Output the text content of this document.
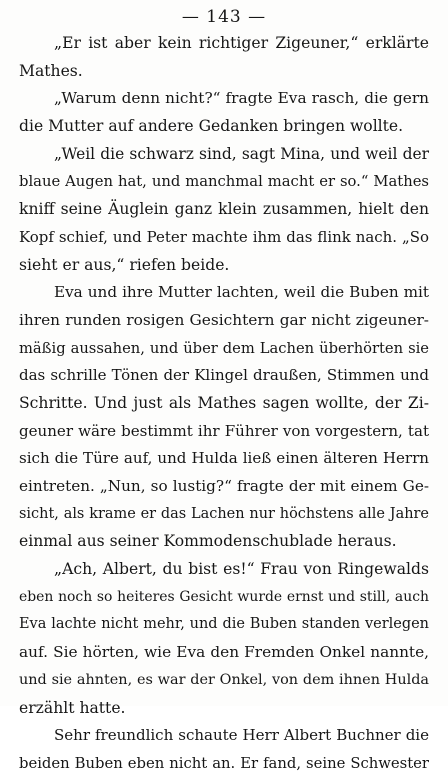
— 143 —
„Er ist aber kein richtiger Zigeuner,“ erklärte
Mathes.
„Warum denn nicht?“ fragte Eva rasch, die gern
die Mutter auf andere Gedanken bringen wollte.
„Weil die schwarz sind, sagt Mina, und weil der
blaue Augen hat, und manchmal macht er so.“ Mathes
kniff seine Äuglein ganz klein zusammen, hielt den
Kopf schief, und Peter machte ihm das flink nach. „So
sieht er aus,“ riefen beide.
Eva und ihre Mutter lachten, weil die Buben mit
ihren runden rosigen Gesichtern gar nicht zigeuner-
mäßig aussahen, und über dem Lachen überhörten sie
das schrille Tönen der Klingel draußen, Stimmen und
Schritte. Und just als Mathes sagen wollte, der Zi-
geuner wäre bestimmt ihr Führer von vorgestern, tat
sich die Türe auf, und Hulda ließ einen älteren Herrn
eintreten. „Nun, so lustig?“ fragte der mit einem Ge-
sicht, als krame er das Lachen nur höchstens alle Jahre
einmal aus seiner Kommodenschublade heraus.
„Ach, Albert, du bist es!“ Frau von Ringewalds
eben noch so heiteres Gesicht wurde ernst und still, auch
Eva lachte nicht mehr, und die Buben standen verlegen
auf. Sie hörten, wie Eva den Fremden Onkel nannte,
und sie ahnten, es war der Onkel, von dem ihnen Hulda
erzählt hatte.
Sehr freundlich schaute Herr Albert Buchner die
beiden Buben eben nicht an. Er fand, seine Schwester
